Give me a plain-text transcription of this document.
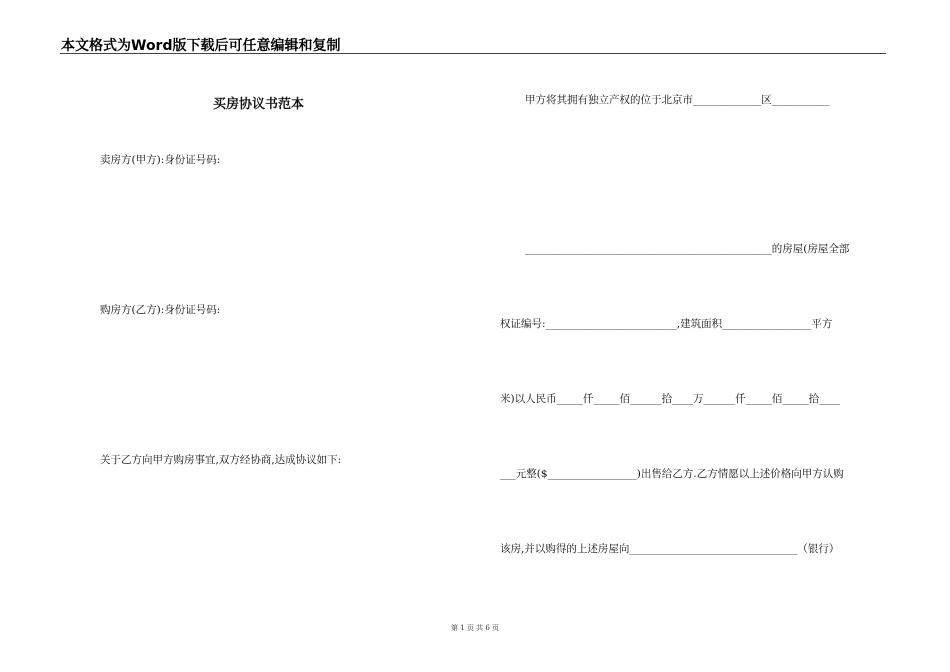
本文格式为Word版下载后可任意编辑和复制
买房协议书范本
卖房方(甲方):身份证号码:
购房方(乙方):身份证号码:
关于乙方向甲方购房事宜,双方经协商,达成协议如下:
甲方将其拥有独立产权的位于北京市_____________区___________
_______________________________________________的房屋(房屋全部
权证编号:_________________________,建筑面积_________________平方
米)以人民币_____仟_____佰______拾____万______仟_____佰_____拾____
___元整($_________________)出售给乙方.乙方情愿以上述价格向甲方认购
该房,并以购得的上述房屋向________________________________（银行）
第 1 页 共 6 页
